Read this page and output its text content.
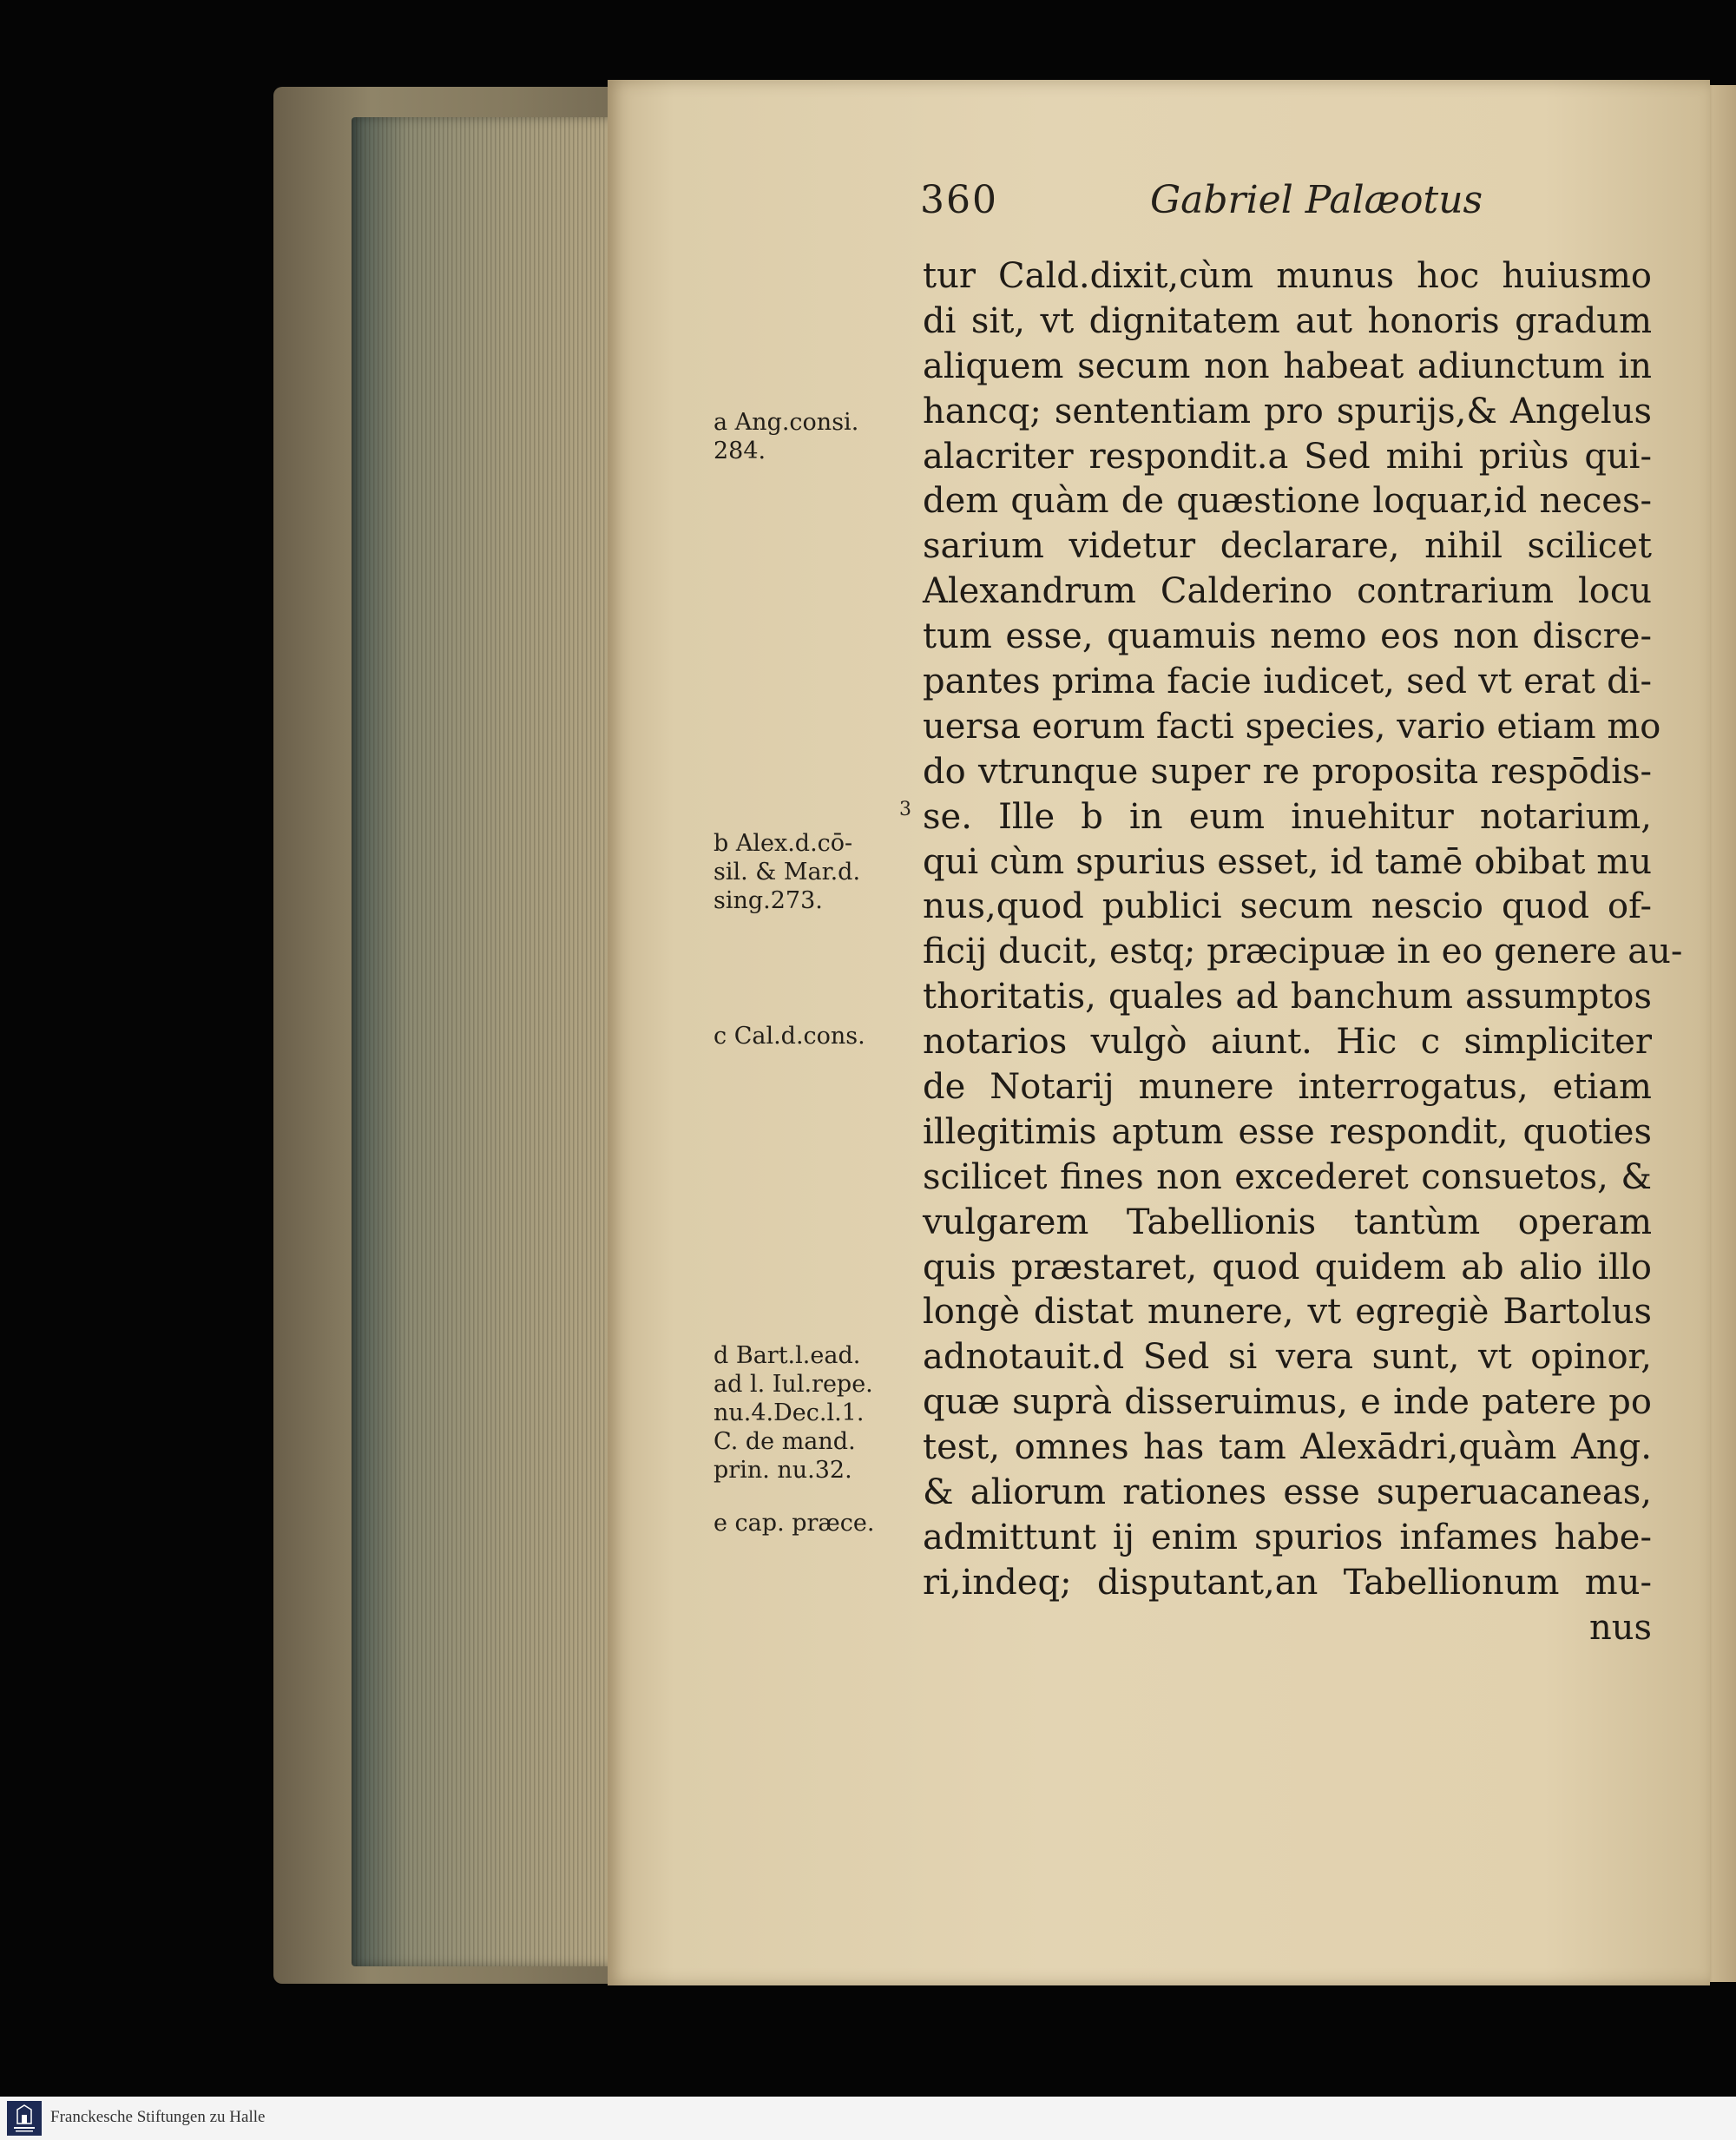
360	Gabriel Palæotus
tur Cald.dixit,cùm munus hoc huiusmo
di sit, vt dignitatem aut honoris gradum
aliquem secum non habeat adiunctum in
hancq; sententiam pro spurijs,& Angelus
alacriter respondit.a Sed mihi priùs qui-
dem quàm de quæstione loquar,id neces-
sarium videtur declarare, nihil scilicet
Alexandrum Calderino contrarium locu
tum esse, quamuis nemo eos non discre-
pantes prima facie iudicet, sed vt erat di-
uersa eorum facti species, vario etiam mo
do vtrunque super re proposita respōdis-
se. Ille b in eum inuehitur notarium,
qui cùm spurius esset, id tamē obibat mu
nus,quod publici secum nescio quod of-
ficij ducit, estq; præcipuæ in eo genere au-
thoritatis, quales ad banchum assumptos
notarios vulgò aiunt. Hic c simpliciter
de Notarij munere interrogatus, etiam
illegitimis aptum esse respondit, quoties
scilicet fines non excederet consuetos, &
vulgarem Tabellionis tantùm operam
quis præstaret, quod quidem ab alio illo
longè distat munere, vt egregiè Bartolus
adnotauit.d Sed si vera sunt, vt opinor,
quæ suprà disseruimus, e inde patere po
test, omnes has tam Alexādri,quàm Ang.
& aliorum rationes esse superuacaneas,
admittunt ij enim spurios infames habe-
ri,indeq; disputant,an Tabellionum mu-
nus
3
a Ang.consi.
284.
b Alex.d.cō-
sil. & Mar.d.
sing.273.
c Cal.d.cons.
d Bart.l.ead.
ad l. Iul.repe.
nu.4.Dec.l.1.
C. de mand.
prin. nu.32.
e cap. præce.
Franckesche Stiftungen zu Halle
